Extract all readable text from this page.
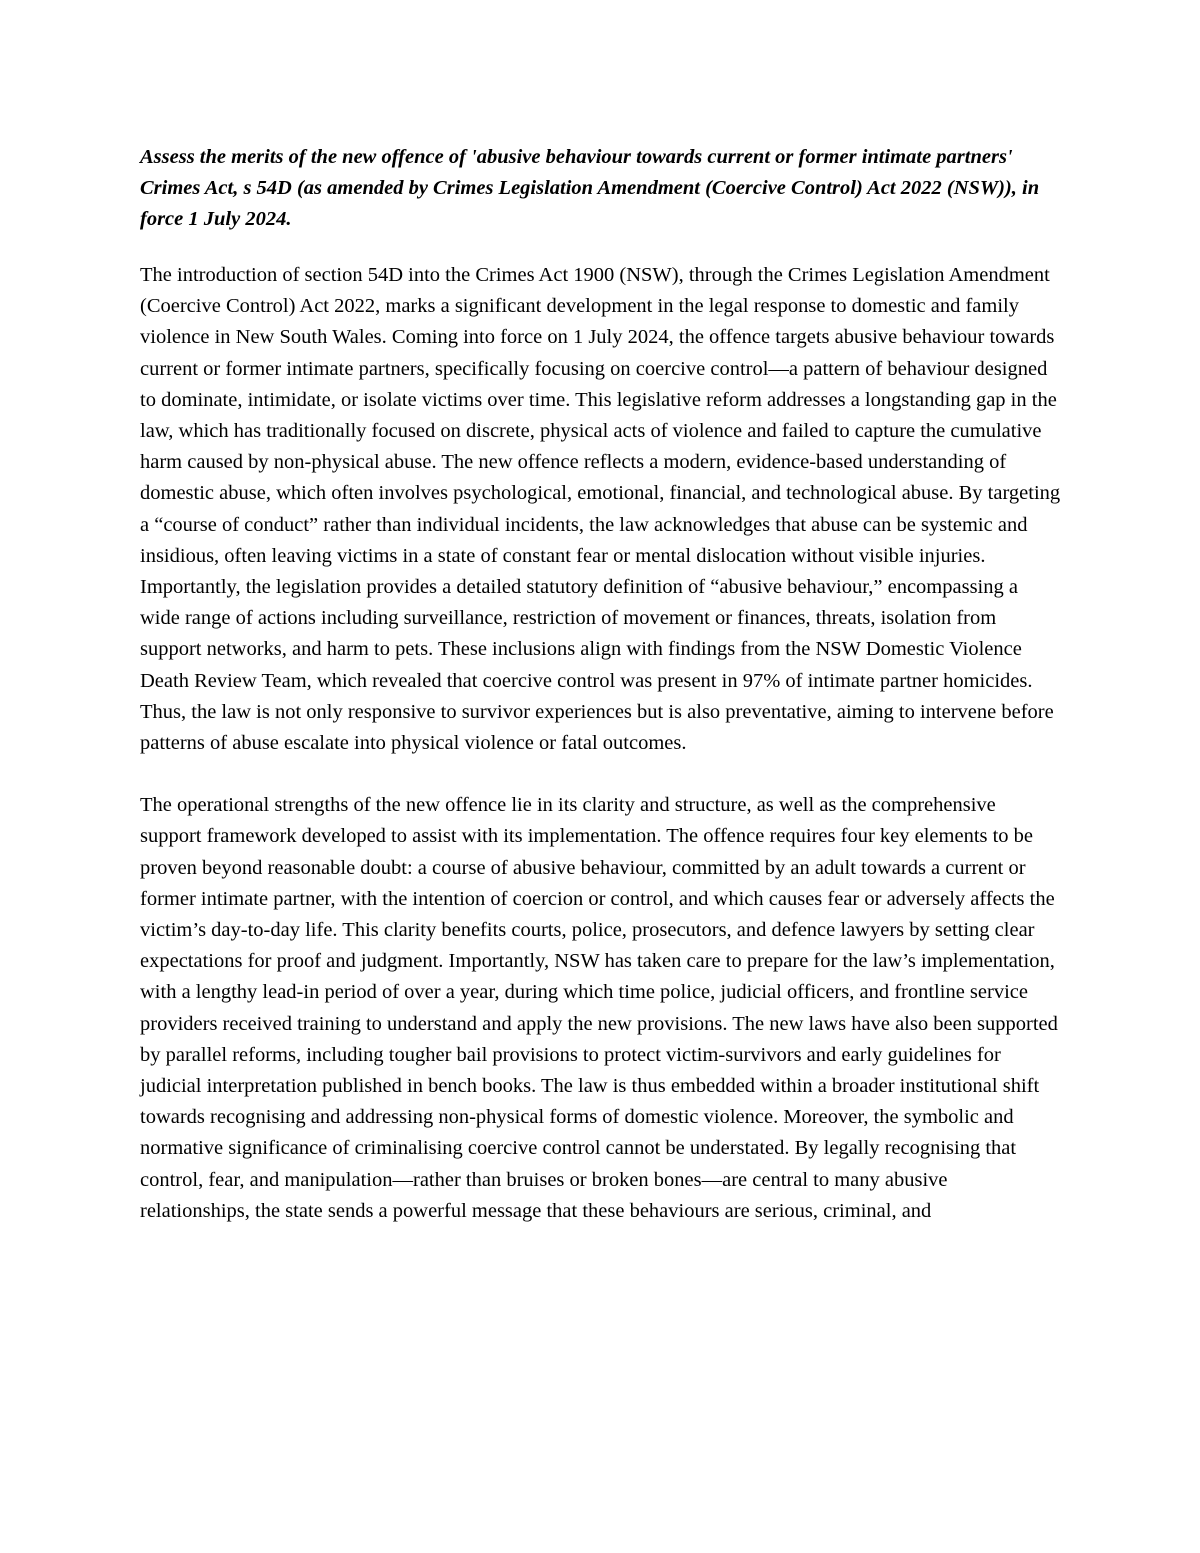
Assess the merits of the new offence of 'abusive behaviour towards current or former intimate partners' Crimes Act, s 54D (as amended by Crimes Legislation Amendment (Coercive Control) Act 2022 (NSW)), in force 1 July 2024.

The introduction of section 54D into the Crimes Act 1900 (NSW), through the Crimes Legislation Amendment (Coercive Control) Act 2022, marks a significant development in the legal response to domestic and family violence in New South Wales. Coming into force on 1 July 2024, the offence targets abusive behaviour towards current or former intimate partners, specifically focusing on coercive control—a pattern of behaviour designed to dominate, intimidate, or isolate victims over time. This legislative reform addresses a longstanding gap in the law, which has traditionally focused on discrete, physical acts of violence and failed to capture the cumulative harm caused by non-physical abuse. The new offence reflects a modern, evidence-based understanding of domestic abuse, which often involves psychological, emotional, financial, and technological abuse. By targeting a “course of conduct” rather than individual incidents, the law acknowledges that abuse can be systemic and insidious, often leaving victims in a state of constant fear or mental dislocation without visible injuries. Importantly, the legislation provides a detailed statutory definition of “abusive behaviour,” encompassing a wide range of actions including surveillance, restriction of movement or finances, threats, isolation from support networks, and harm to pets. These inclusions align with findings from the NSW Domestic Violence Death Review Team, which revealed that coercive control was present in 97% of intimate partner homicides. Thus, the law is not only responsive to survivor experiences but is also preventative, aiming to intervene before patterns of abuse escalate into physical violence or fatal outcomes.

The operational strengths of the new offence lie in its clarity and structure, as well as the comprehensive support framework developed to assist with its implementation. The offence requires four key elements to be proven beyond reasonable doubt: a course of abusive behaviour, committed by an adult towards a current or former intimate partner, with the intention of coercion or control, and which causes fear or adversely affects the victim’s day-to-day life. This clarity benefits courts, police, prosecutors, and defence lawyers by setting clear expectations for proof and judgment. Importantly, NSW has taken care to prepare for the law’s implementation, with a lengthy lead-in period of over a year, during which time police, judicial officers, and frontline service providers received training to understand and apply the new provisions. The new laws have also been supported by parallel reforms, including tougher bail provisions to protect victim-survivors and early guidelines for judicial interpretation published in bench books. The law is thus embedded within a broader institutional shift towards recognising and addressing non-physical forms of domestic violence. Moreover, the symbolic and normative significance of criminalising coercive control cannot be understated. By legally recognising that control, fear, and manipulation—rather than bruises or broken bones—are central to many abusive relationships, the state sends a powerful message that these behaviours are serious, criminal, and
